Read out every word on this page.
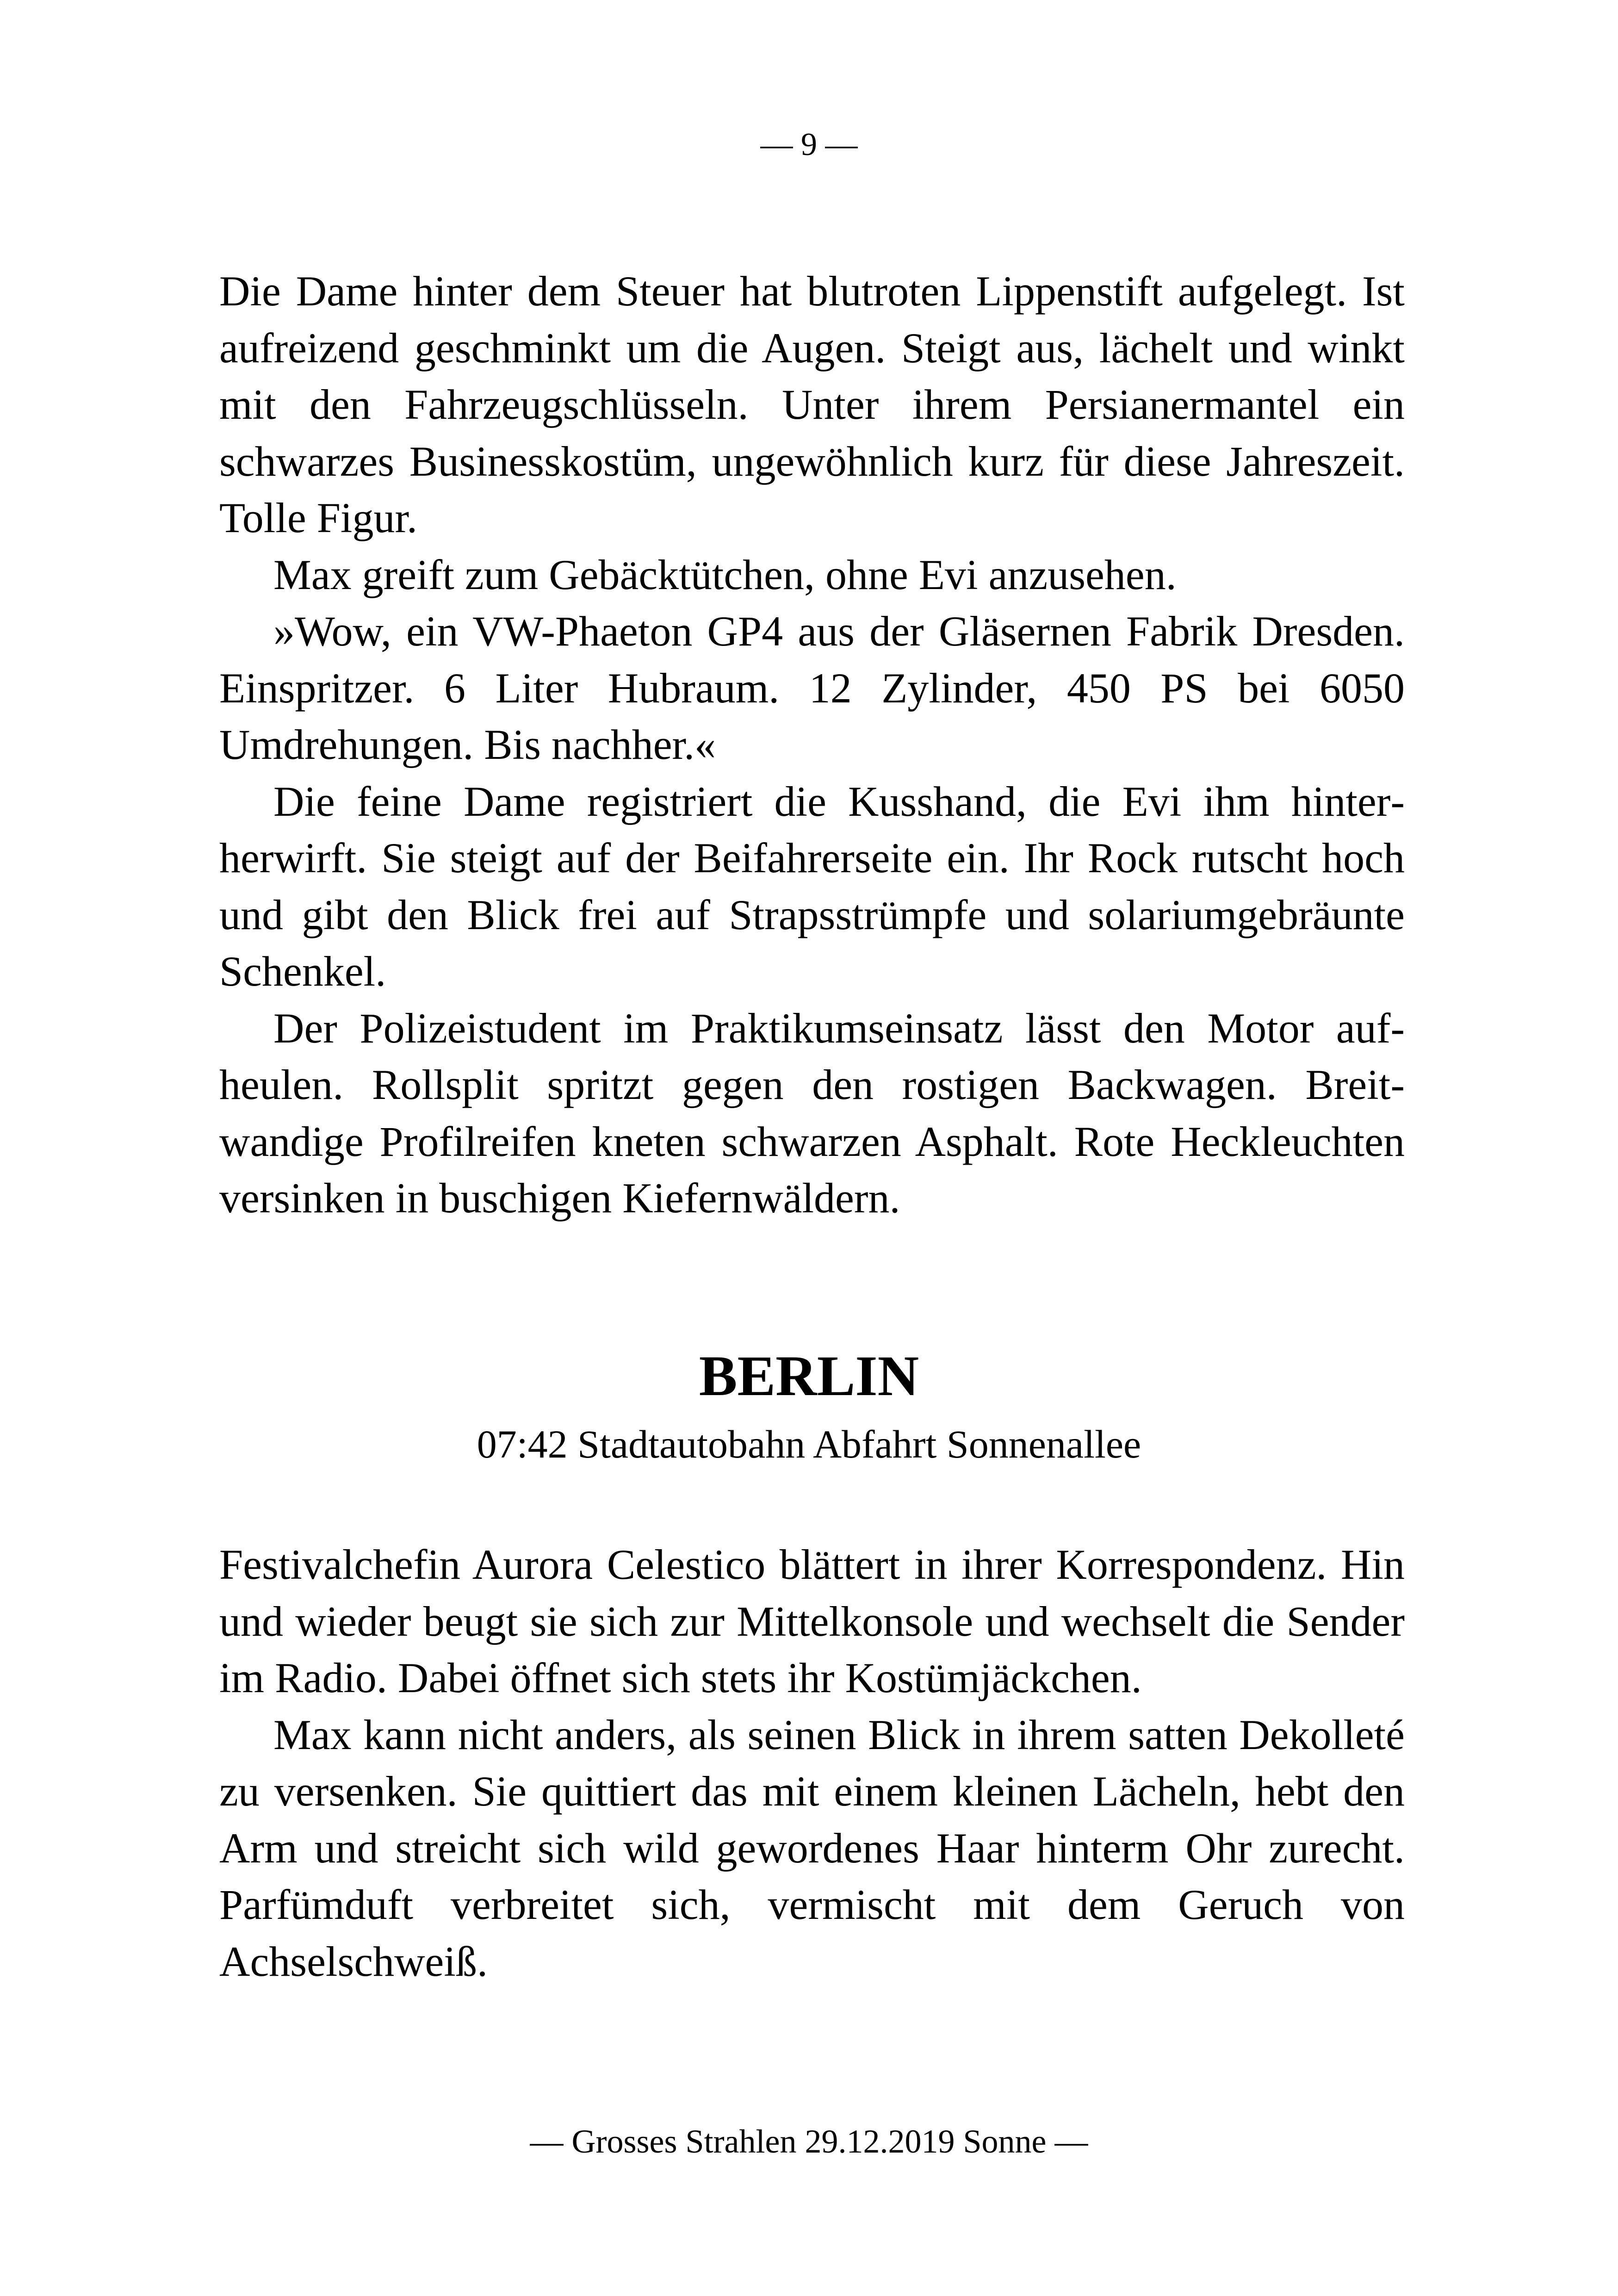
— 9 —

Die Dame hinter dem Steuer hat blutroten Lippenstift aufgelegt. Ist aufreizend geschminkt um die Augen. Steigt aus, lächelt und winkt mit den Fahrzeugschlüsseln. Unter ihrem Persianermantel ein schwarzes Businesskostüm, ungewöhnlich kurz für diese Jahreszeit. Tolle Figur.

Max greift zum Gebäcktütchen, ohne Evi anzusehen.

»Wow, ein VW-Phaeton GP4 aus der Gläsernen Fabrik Dresden. Einspritzer. 6 Liter Hubraum. 12 Zylinder, 450 PS bei 6050 Umdrehungen. Bis nachher.«

Die feine Dame registriert die Kusshand, die Evi ihm hinterherwirft. Sie steigt auf der Beifahrerseite ein. Ihr Rock rutscht hoch und gibt den Blick frei auf Strapsstrümpfe und solariumgebräunte Schenkel.

Der Polizeistudent im Praktikumseinsatz lässt den Motor aufheulen. Rollsplit spritzt gegen den rostigen Backwagen. Breitwandige Profilreifen kneten schwarzen Asphalt. Rote Heckleuchten versinken in buschigen Kiefernwäldern.

BERLIN
07:42 Stadtautobahn Abfahrt Sonnenallee

Festivalchefin Aurora Celestico blättert in ihrer Korrespondenz. Hin und wieder beugt sie sich zur Mittelkonsole und wechselt die Sender im Radio. Dabei öffnet sich stets ihr Kostümjäckchen.

Max kann nicht anders, als seinen Blick in ihrem satten Dekolleté zu versenken. Sie quittiert das mit einem kleinen Lächeln, hebt den Arm und streicht sich wild gewordenes Haar hinterm Ohr zurecht. Parfümduft verbreitet sich, vermischt mit dem Geruch von Achselschweiß.

— Grosses Strahlen 29.12.2019 Sonne —
